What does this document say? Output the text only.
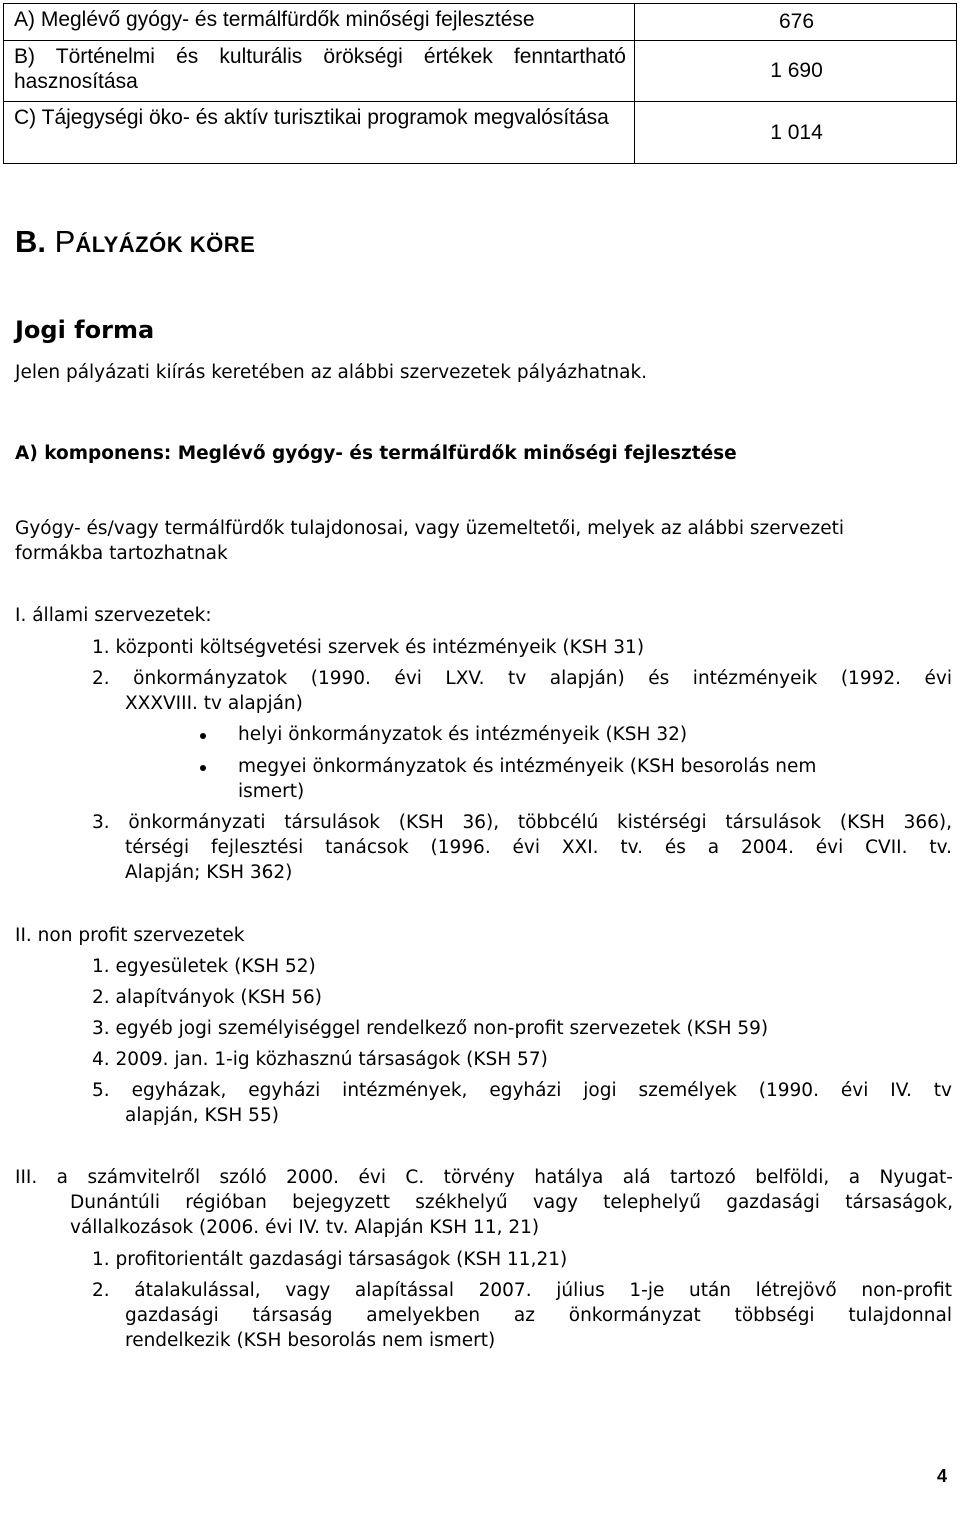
A) Meglévő gyógy- és termálfürdők minőségi fejlesztése	676
B) Történelmi és kulturális örökségi értékek fenntartható hasznosítása	1 690
C) Tájegységi öko- és aktív turisztikai programok megvalósítása	1 014
B. PÁLYÁZÓK KÖRE
Jogi forma
Jelen pályázati kiírás keretében az alábbi szervezetek pályázhatnak.
A) komponens: Meglévő gyógy- és termálfürdők minőségi fejlesztése
Gyógy- és/vagy termálfürdők tulajdonosai, vagy üzemeltetői, melyek az alábbi szervezeti
formákba tartozhatnak
I. állami szervezetek:
1. központi költségvetési szervek és intézményeik (KSH 31)
2. önkormányzatok (1990. évi LXV. tv alapján) és intézményeik (1992. évi
XXXVIII. tv alapján)
helyi önkormányzatok és intézményeik (KSH 32)
megyei önkormányzatok és intézményeik (KSH besorolás nem
ismert)
3. önkormányzati társulások (KSH 36), többcélú kistérségi társulások (KSH 366),
térségi fejlesztési tanácsok (1996. évi XXI. tv. és a 2004. évi CVII. tv.
Alapján; KSH 362)
II. non profit szervezetek
1. egyesületek (KSH 52)
2. alapítványok (KSH 56)
3. egyéb jogi személyiséggel rendelkező non-profit szervezetek (KSH 59)
4. 2009. jan. 1-ig közhasznú társaságok (KSH 57)
5. egyházak, egyházi intézmények, egyházi jogi személyek (1990. évi IV. tv
alapján, KSH 55)
III. a számvitelről szóló 2000. évi C. törvény hatálya alá tartozó belföldi, a Nyugat-
Dunántúli régióban bejegyzett székhelyű vagy telephelyű gazdasági társaságok,
vállalkozások (2006. évi IV. tv. Alapján KSH 11, 21)
1. profitorientált gazdasági társaságok (KSH 11,21)
2. átalakulással, vagy alapítással 2007. július 1-je után létrejövő non-profit
gazdasági társaság amelyekben az önkormányzat többségi tulajdonnal
rendelkezik (KSH besorolás nem ismert)
4
